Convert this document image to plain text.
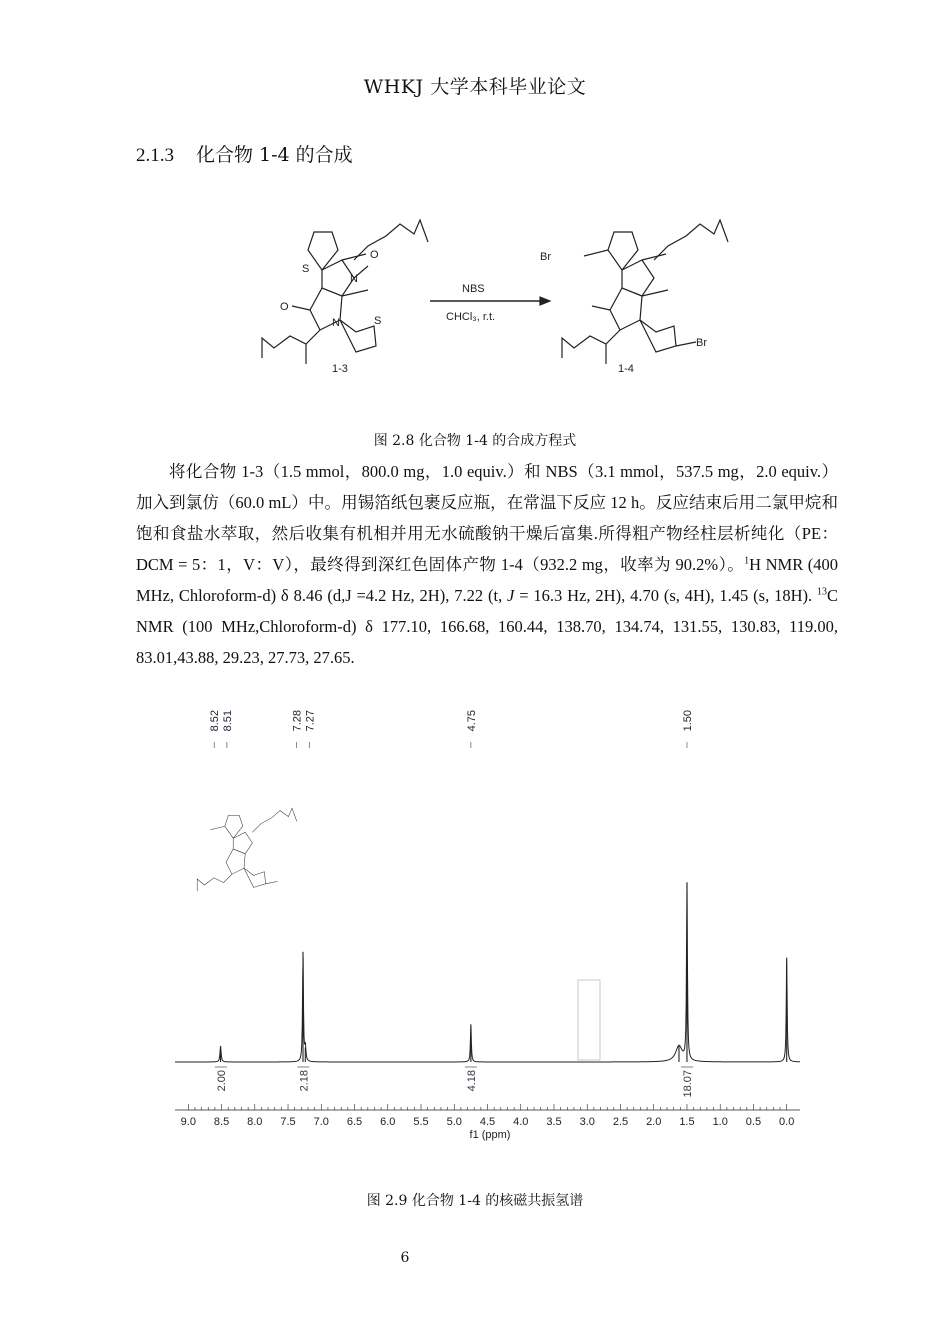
WHKJ 大学本科毕业论文
2.1.3 化合物 1-4 的合成
S
N
O
O
N	S
1-3
NBS
CHCl₃, r.t.
Br
Br
1-4
图 2.8 化合物 1-4 的合成方程式

将化合物 1-3（1.5 mmol，800.0 mg，1.0 equiv.）和 NBS（3.1 mmol，537.5 mg，2.0 equiv.）加入到氯仿（60.0 mL）中。用锡箔纸包裹反应瓶，在常温下反应 12 h。反应结束后用二氯甲烷和饱和食盐水萃取，然后收集有机相并用无水硫酸钠干燥后富集.所得粗产物经柱层析纯化（PE：DCM = 5：1，V：V），最终得到深红色固体产物 1-4（932.2 mg，收率为 90.2%）。$^1$H NMR (400 MHz, Chloroform-d) δ 8.46 (d,J =4.2 Hz, 2H), 7.22 (t, J = 16.3 Hz, 2H), 4.70 (s, 4H), 1.45 (s, 18H). $^{13}$C NMR (100 MHz,Chloroform-d) δ 177.10, 166.68, 160.44, 138.70, 134.74, 131.55, 130.83, 119.00, 83.01,43.88, 29.23, 27.73, 27.65.

8.52 8.51	7.28 7.27	4.75	1.50
2.00	2.18	4.18	18.07
9.0 8.5 8.0 7.5 7.0 6.5 6.0 5.5 5.0 4.5 4.0 3.5 3.0 2.5 2.0 1.5 1.0 0.5 0.0
f1 (ppm)
图 2.9 化合物 1-4 的核磁共振氢谱
6
